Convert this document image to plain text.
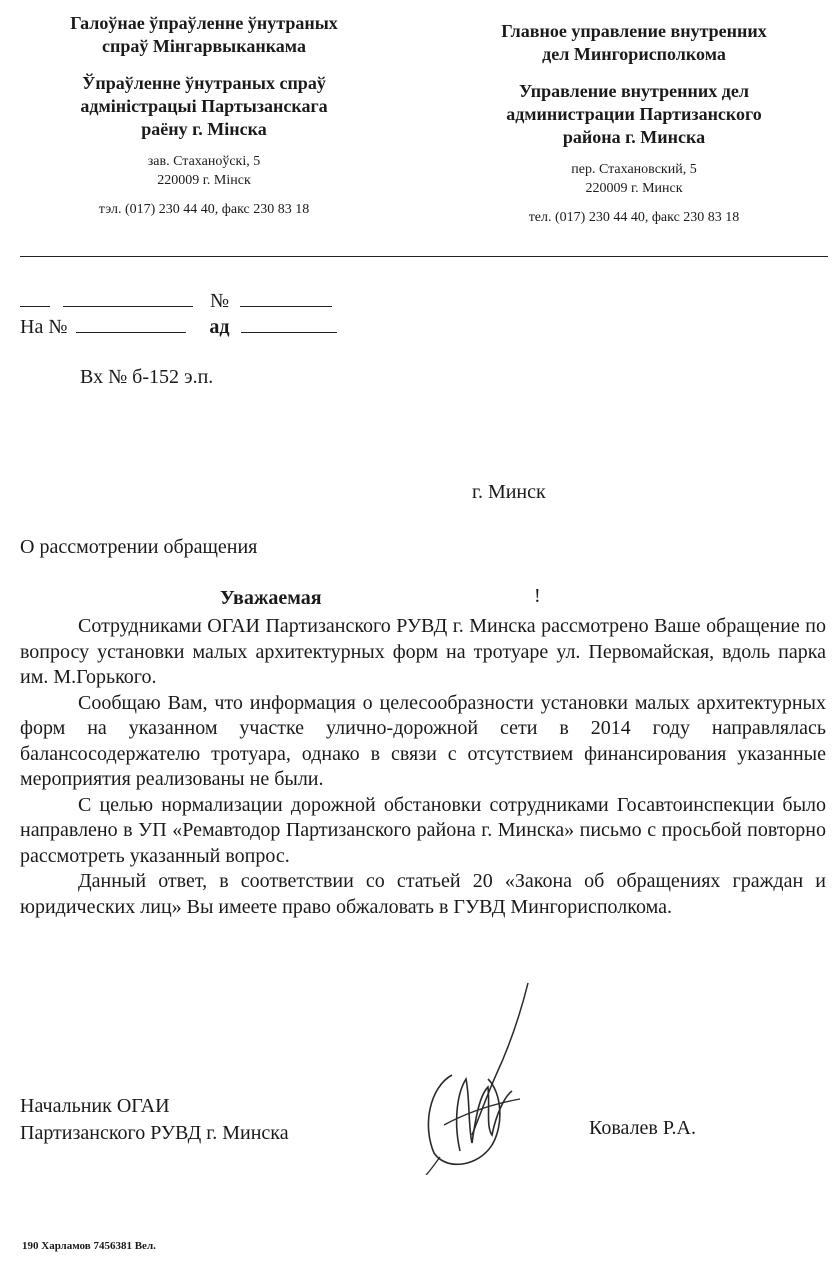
Галоўнае ўпраўленне ўнутраных
спраў Мінгарвыканкама
Ўпраўленне ўнутраных спраў
адміністрацыі Партызанскага
раёну г. Мінска
зав. Стаханоўскі, 5
220009 г. Мінск
тэл. (017) 230 44 40, факс 230 83 18
Главное управление внутренних
дел Мингорисполкома
Управление внутренних дел
администрации Партизанского
района г. Минска
пер. Стахановский, 5
220009 г. Минск
тел. (017) 230 44 40, факс 230 83 18
№
На №	ад
Вх № б-152 э.п.
г. Минск
О рассмотрении обращения
Уважаемая	!
Сотрудниками ОГАИ Партизанского РУВД г. Минска рассмотрено Ваше обращение по вопросу установки малых архитектурных форм на тротуаре ул. Первомайская, вдоль парка им. М.Горького.
Сообщаю Вам, что информация о целесообразности установки малых архитектурных форм на указанном участке улично-дорожной сети в 2014 году направлялась балансосодержателю тротуара, однако в связи с отсутствием финансирования указанные мероприятия реализованы не были.
С целью нормализации дорожной обстановки сотрудниками Госавтоинспекции было направлено в УП «Ремавтодор Партизанского района г. Минска» письмо с просьбой повторно рассмотреть указанный вопрос.
Данный ответ, в соответствии со статьей 20 «Закона об обращениях граждан и юридических лиц» Вы имеете право обжаловать в ГУВД Мингорисполкома.
Начальник ОГАИ
Партизанского РУВД г. Минска	Ковалев Р.А.
190 Харламов 7456381 Вел.
